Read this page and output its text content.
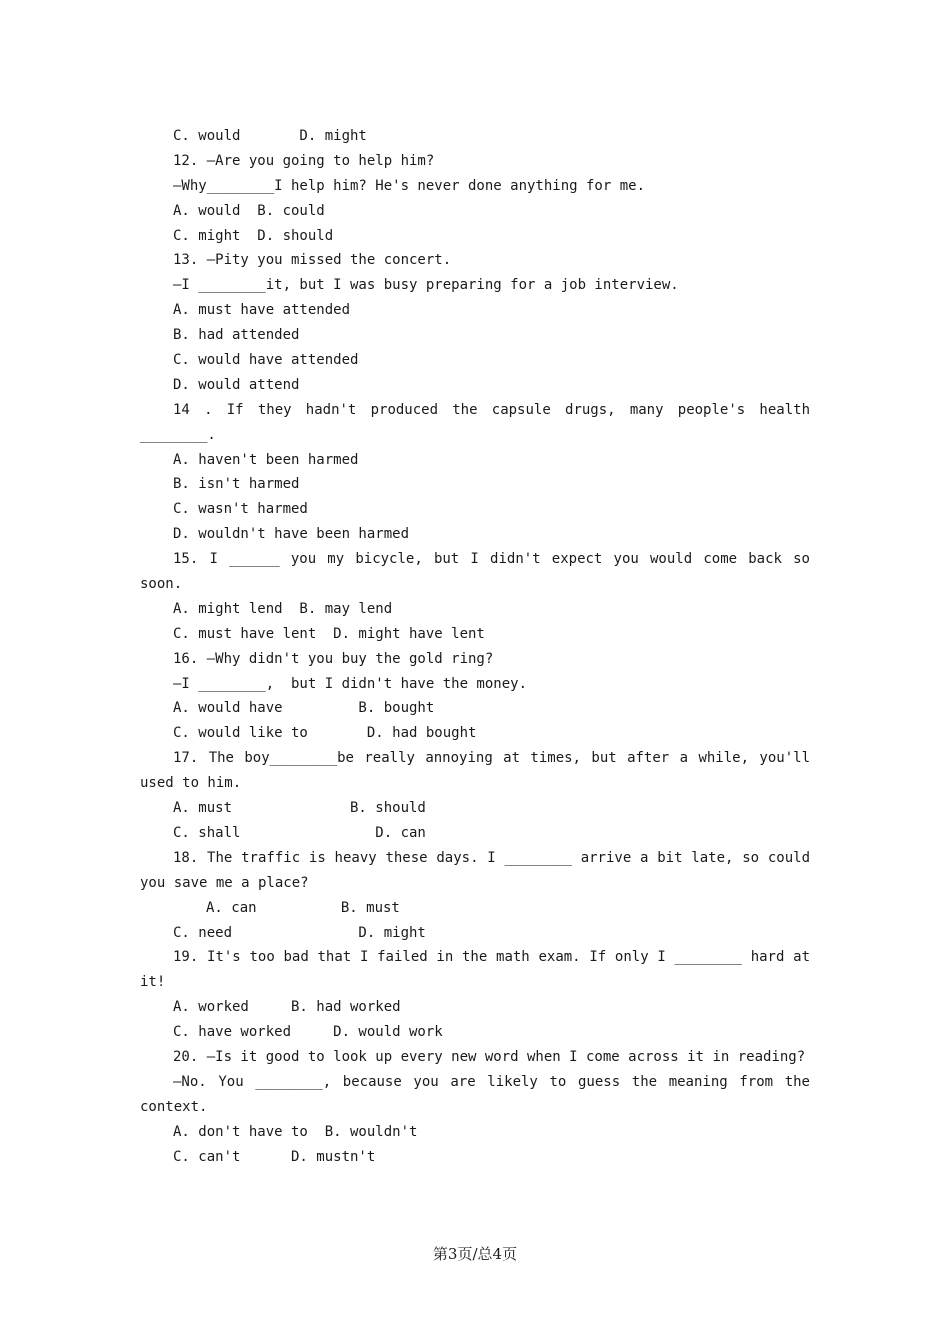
C. would       D. might
12. —Are you going to help him?
—Why________I help him? He's never done anything for me.
A. would  B. could
C. might  D. should
13. —Pity you missed the concert.
—I ________it, but I was busy preparing for a job interview.
A. must have attended
B. had attended
C. would have attended
D. would attend
14 . If they hadn't produced the capsule drugs, many people's health
________.
A. haven't been harmed
B. isn't harmed
C. wasn't harmed
D. wouldn't have been harmed
15. I ______ you my bicycle, but I didn't expect you would come back so
soon.
A. might lend  B. may lend
C. must have lent  D. might have lent
16. —Why didn't you buy the gold ring?
—I ________,  but I didn't have the money.
A. would have         B. bought
C. would like to       D. had bought
17. The boy________be really annoying at times, but after a while, you'll
used to him.
A. must              B. should
C. shall                D. can
18. The traffic is heavy these days. I ________ arrive a bit late, so could
you save me a place?
A. can          B. must
C. need               D. might
19. It's too bad that I failed in the math exam. If only I ________ hard at
it!
A. worked     B. had worked
C. have worked     D. would work
20. —Is it good to look up every new word when I come across it in reading?
—No. You ________, because you are likely to guess the meaning from the
context.
A. don't have to  B. wouldn't
C. can't      D. mustn't
第3页/总4页
